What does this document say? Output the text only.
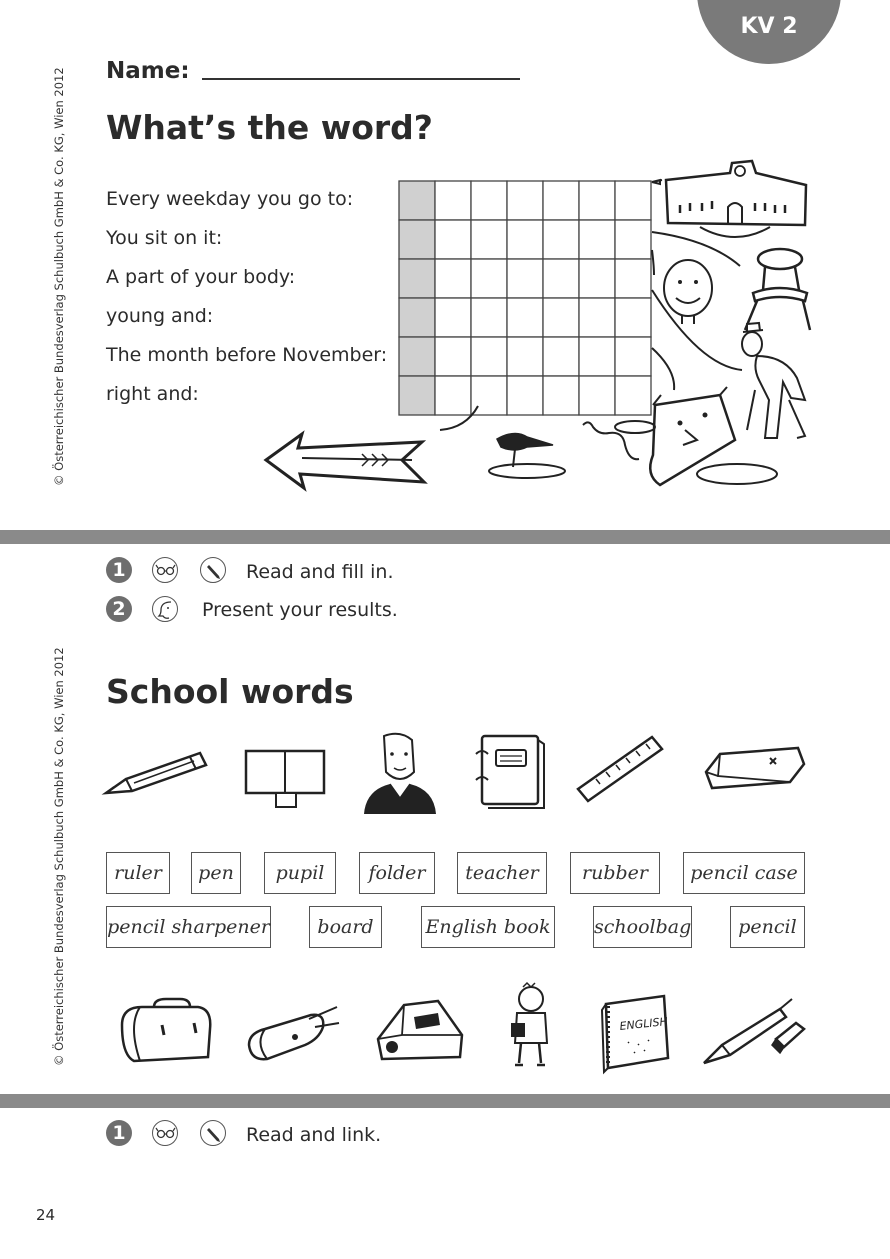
KV 2
© Österreichischer Bundesverlag Schulbuch GmbH & Co. KG, Wien 2012
© Österreichischer Bundesverlag Schulbuch GmbH & Co. KG, Wien 2012
Name:
What’s the word?
Every weekday you go to:
You sit on it:
A part of your body:
young and:
The month before November:
right and:
1	Read and fill in.
2	Present your results.
School words
ruler	pen	pupil	folder	teacher	rubber	pencil case
pencil sharpener	board	English book schoolbag	pencil
ENGLISH
1	Read and link.
24
